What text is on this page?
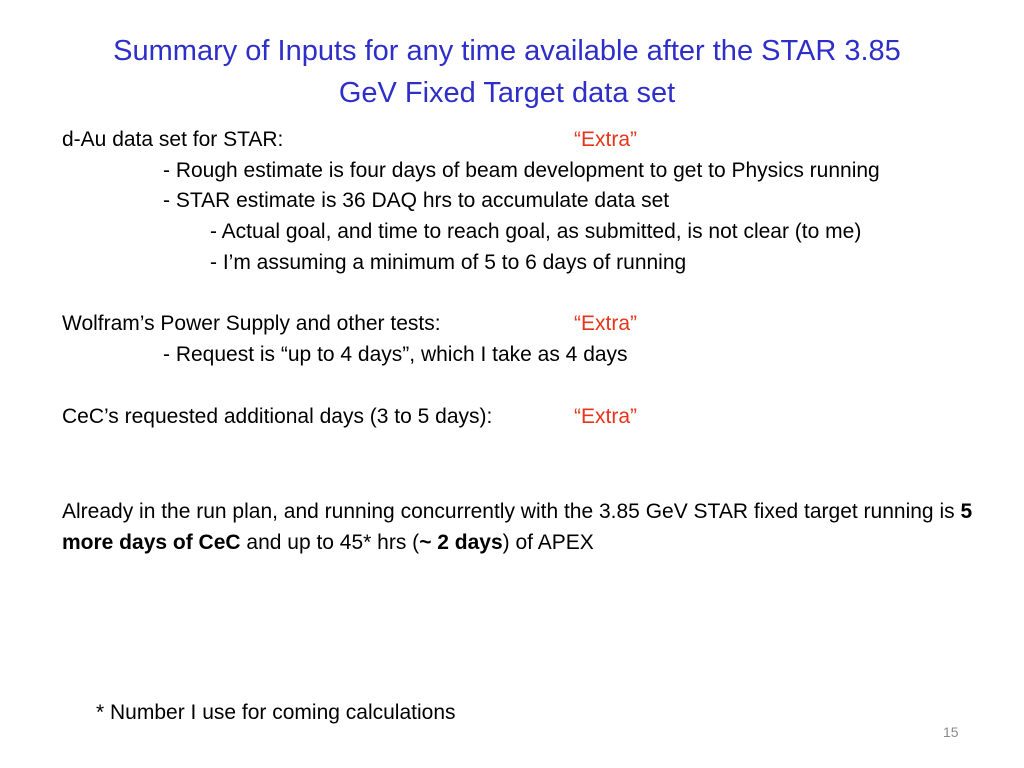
Summary of Inputs for any time available after the STAR 3.85
GeV Fixed Target data set
d-Au data set for STAR:	“Extra”
- Rough estimate is four days of beam development to get to Physics running
- STAR estimate is 36 DAQ hrs to accumulate data set
- Actual goal, and time to reach goal, as submitted, is not clear (to me)
- I’m assuming a minimum of 5 to 6 days of running
Wolfram’s Power Supply and other tests:	“Extra”
- Request is “up to 4 days”, which I take as 4 days
CeC’s requested additional days (3 to 5 days):	“Extra”
Already in the run plan, and running concurrently with the 3.85 GeV STAR fixed target running is 5 more days of CeC and up to 45* hrs (~ 2 days) of APEX
* Number I use for coming calculations
15
